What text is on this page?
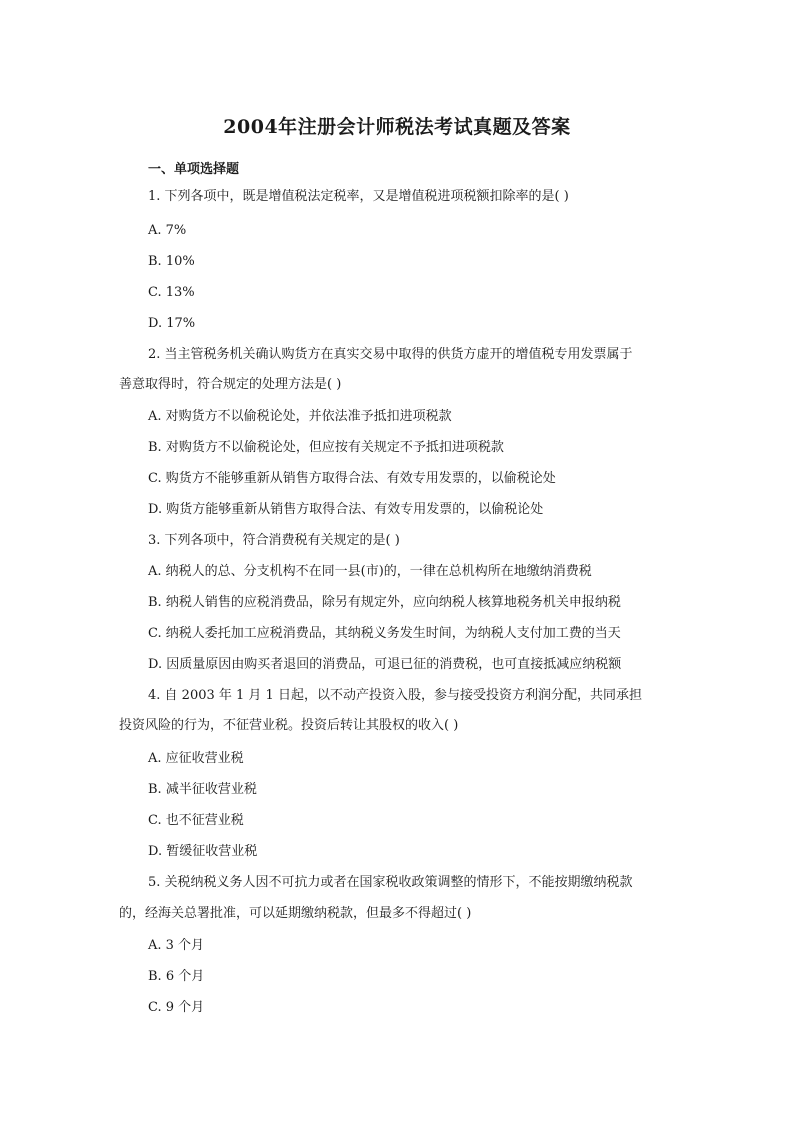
2004年注册会计师税法考试真题及答案
一、单项选择题
1. 下列各项中，既是增值税法定税率，又是增值税进项税额扣除率的是( )
A. 7%
B. 10%
C. 13%
D. 17%
2. 当主管税务机关确认购货方在真实交易中取得的供货方虚开的增值税专用发票属于
善意取得时，符合规定的处理方法是( )
A. 对购货方不以偷税论处，并依法准予抵扣进项税款
B. 对购货方不以偷税论处，但应按有关规定不予抵扣进项税款
C. 购货方不能够重新从销售方取得合法、有效专用发票的，以偷税论处
D. 购货方能够重新从销售方取得合法、有效专用发票的，以偷税论处
3. 下列各项中，符合消费税有关规定的是( )
A. 纳税人的总、分支机构不在同一县(市)的，一律在总机构所在地缴纳消费税
B. 纳税人销售的应税消费品，除另有规定外，应向纳税人核算地税务机关申报纳税
C. 纳税人委托加工应税消费品，其纳税义务发生时间，为纳税人支付加工费的当天
D. 因质量原因由购买者退回的消费品，可退已征的消费税，也可直接抵减应纳税额
4. 自 2003 年 1 月 1 日起，以不动产投资入股，参与接受投资方利润分配，共同承担
投资风险的行为，不征营业税。投资后转让其股权的收入( )
A. 应征收营业税
B. 减半征收营业税
C. 也不征营业税
D. 暂缓征收营业税
5. 关税纳税义务人因不可抗力或者在国家税收政策调整的情形下，不能按期缴纳税款
的，经海关总署批准，可以延期缴纳税款，但最多不得超过( )
A. 3 个月
B. 6 个月
C. 9 个月
